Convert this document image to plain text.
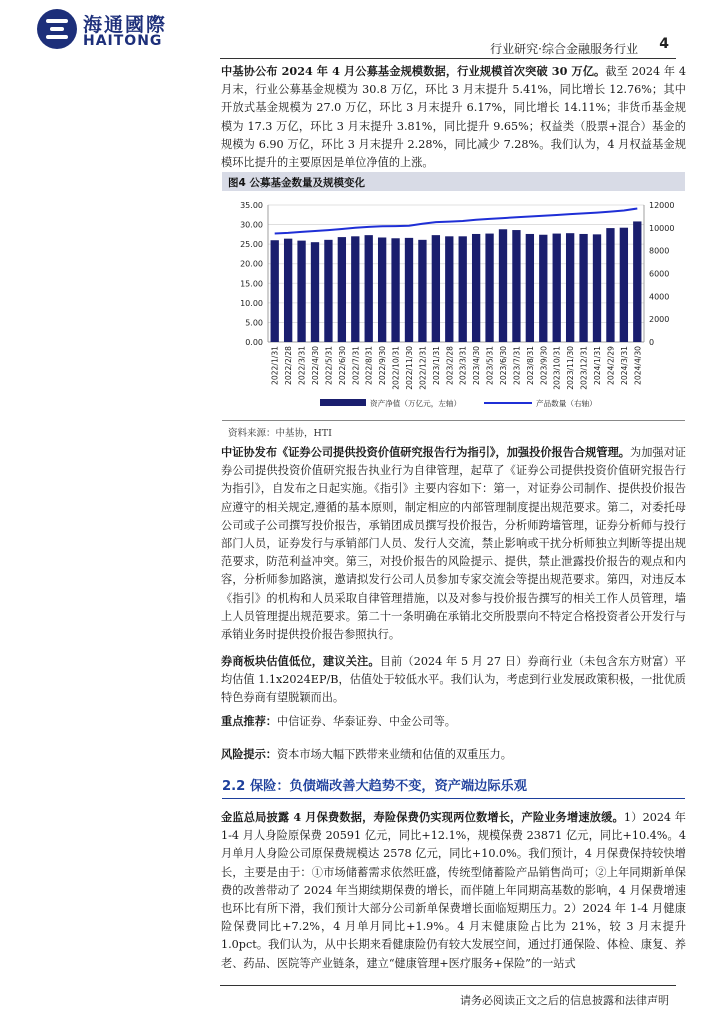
海通國際
HAITONG	行业研究·综合金融服务行业 4
中基协公布 2024 年 4 月公募基金规模数据，行业规模首次突破 30 万亿。截至 2024 年 4 月末，行业公募基金规模为 30.8 万亿，环比 3 月末提升 5.41%，同比增长 12.76%；其中开放式基金规模为 27.0 万亿，环比 3 月末提升 6.17%，同比增长 14.11%；非货币基金规模为 17.3 万亿，环比 3 月末提升 3.81%，同比提升 9.65%；权益类（股票+混合）基金的规模为 6.90 万亿，环比 3 月末提升 2.28%，同比减少 7.28%。我们认为，4 月权益基金规模环比提升的主要原因是单位净值的上涨。
图4 公募基金数量及规模变化
0.00
5.00
10.00
15.00
20.00
25.00
30.00
35.00
0
2000
4000
6000
8000
10000
12000
2022/1/31 2022/2/28 2022/3/31 2022/4/30 2022/5/31 2022/6/30 2022/7/31 2022/8/31 2022/9/30 2022/10/31 2022/11/30 2022/12/31 2023/1/31 2023/2/28 2023/3/31 2023/4/30 2023/5/31 2023/6/30 2023/7/31 2023/8/31 2023/9/30 2023/10/31 2023/11/30 2023/12/31 2024/1/31 2024/2/29 2024/3/31 2024/4/30
资产净值（万亿元，左轴）	产品数量（右轴）
资料来源：中基协，HTI
中证协发布《证券公司提供投资价值研究报告行为指引》，加强投价报告合规管理。为加强对证券公司提供投资价值研究报告执业行为自律管理，起草了《证券公司提供投资价值研究报告行为指引》，自发布之日起实施。《指引》主要内容如下：第一，对证券公司制作、提供投价报告应遵守的相关规定,遵循的基本原则，制定相应的内部管理制度提出规范要求。第二，对委托母公司或子公司撰写投价报告，承销团成员撰写投价报告，分析师跨墙管理，证券分析师与投行部门人员，证券发行与承销部门人员、发行人交流，禁止影响或干扰分析师独立判断等提出规范要求，防范利益冲突。第三，对投价报告的风险提示、提供，禁止泄露投价报告的观点和内容，分析师参加路演，邀请拟发行公司人员参加专家交流会等提出规范要求。第四，对违反本《指引》的机构和人员采取自律管理措施，以及对参与投价报告撰写的相关工作人员管理，墙上人员管理提出规范要求。第二十一条明确在承销北交所股票向不特定合格投资者公开发行与承销业务时提供投价报告参照执行。
券商板块估值低位，建议关注。目前（2024 年 5 月 27 日）券商行业（未包含东方财富）平均估值 1.1x2024EP/B，估值处于较低水平。我们认为，考虑到行业发展政策积极，一批优质特色券商有望脱颖而出。
重点推荐：中信证券、华泰证券、中金公司等。
风险提示：资本市场大幅下跌带来业绩和估值的双重压力。
2.2 保险：负债端改善大趋势不变，资产端边际乐观
金监总局披露 4 月保费数据，寿险保费仍实现两位数增长，产险业务增速放缓。1）2024 年 1-4 月人身险原保费 20591 亿元，同比+12.1%，规模保费 23871 亿元，同比+10.4%。4 月单月人身险公司原保费规模达 2578 亿元，同比+10.0%。我们预计，4 月保费保持较快增长，主要是由于：①市场储蓄需求依然旺盛，传统型储蓄险产品销售尚可；②上年同期新单保费的改善带动了 2024 年当期续期保费的增长，而伴随上年同期高基数的影响，4 月保费增速也环比有所下滑，我们预计大部分公司新单保费增长面临短期压力。2）2024 年 1-4 月健康险保费同比+7.2%，4 月单月同比+1.9%。4 月末健康险占比为 21%，较 3 月末提升 1.0pct。我们认为，从中长期来看健康险仍有较大发展空间，通过打通保险、体检、康复、养老、药品、医院等产业链条，建立“健康管理+医疗服务+保险”的一站式
请务必阅读正文之后的信息披露和法律声明
